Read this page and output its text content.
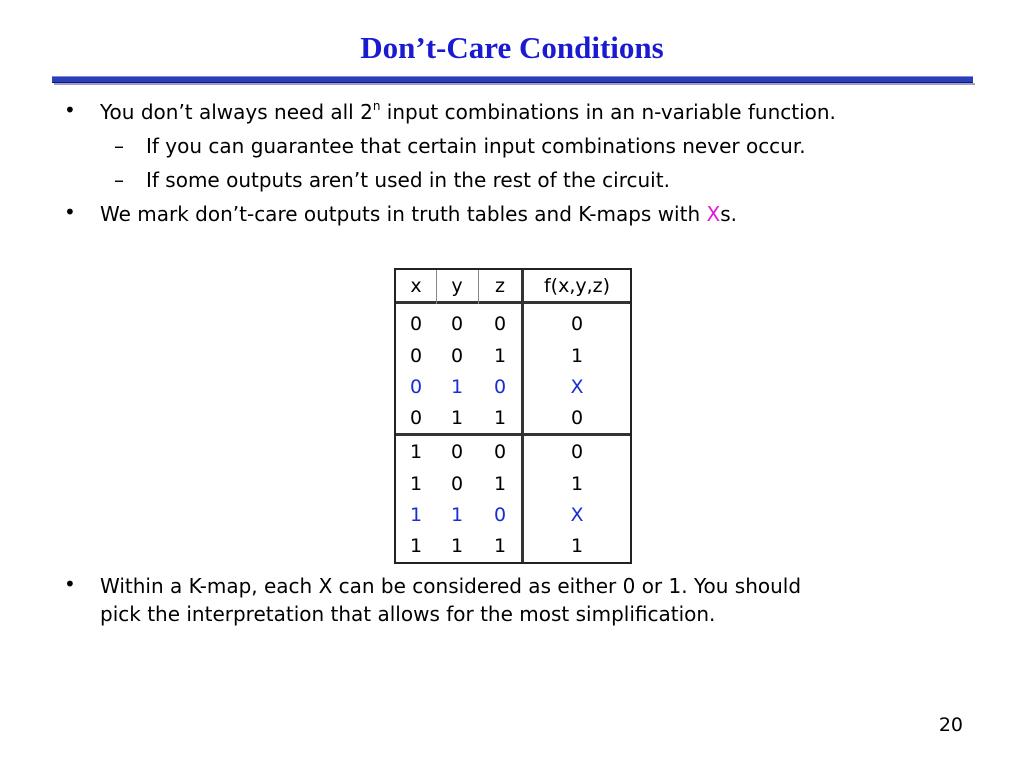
Don’t-Care Conditions
• You don’t always need all 2$^n$ input combinations in an n-variable function.
– If you can guarantee that certain input combinations never occur.
– If some outputs aren’t used in the rest of the circuit.
• We mark don’t-care outputs in truth tables and K-maps with Xs.
x	y	z	f(x,y,z)
0	0	0	0
0	0	1	1
0	1	0	X
0	1	1	0
1	0	0	0
1	0	1	1
1	1	0	X
1	1	1	1
• Within a K-map, each X can be considered as either 0 or 1. You should
pick the interpretation that allows for the most simplification.
20
